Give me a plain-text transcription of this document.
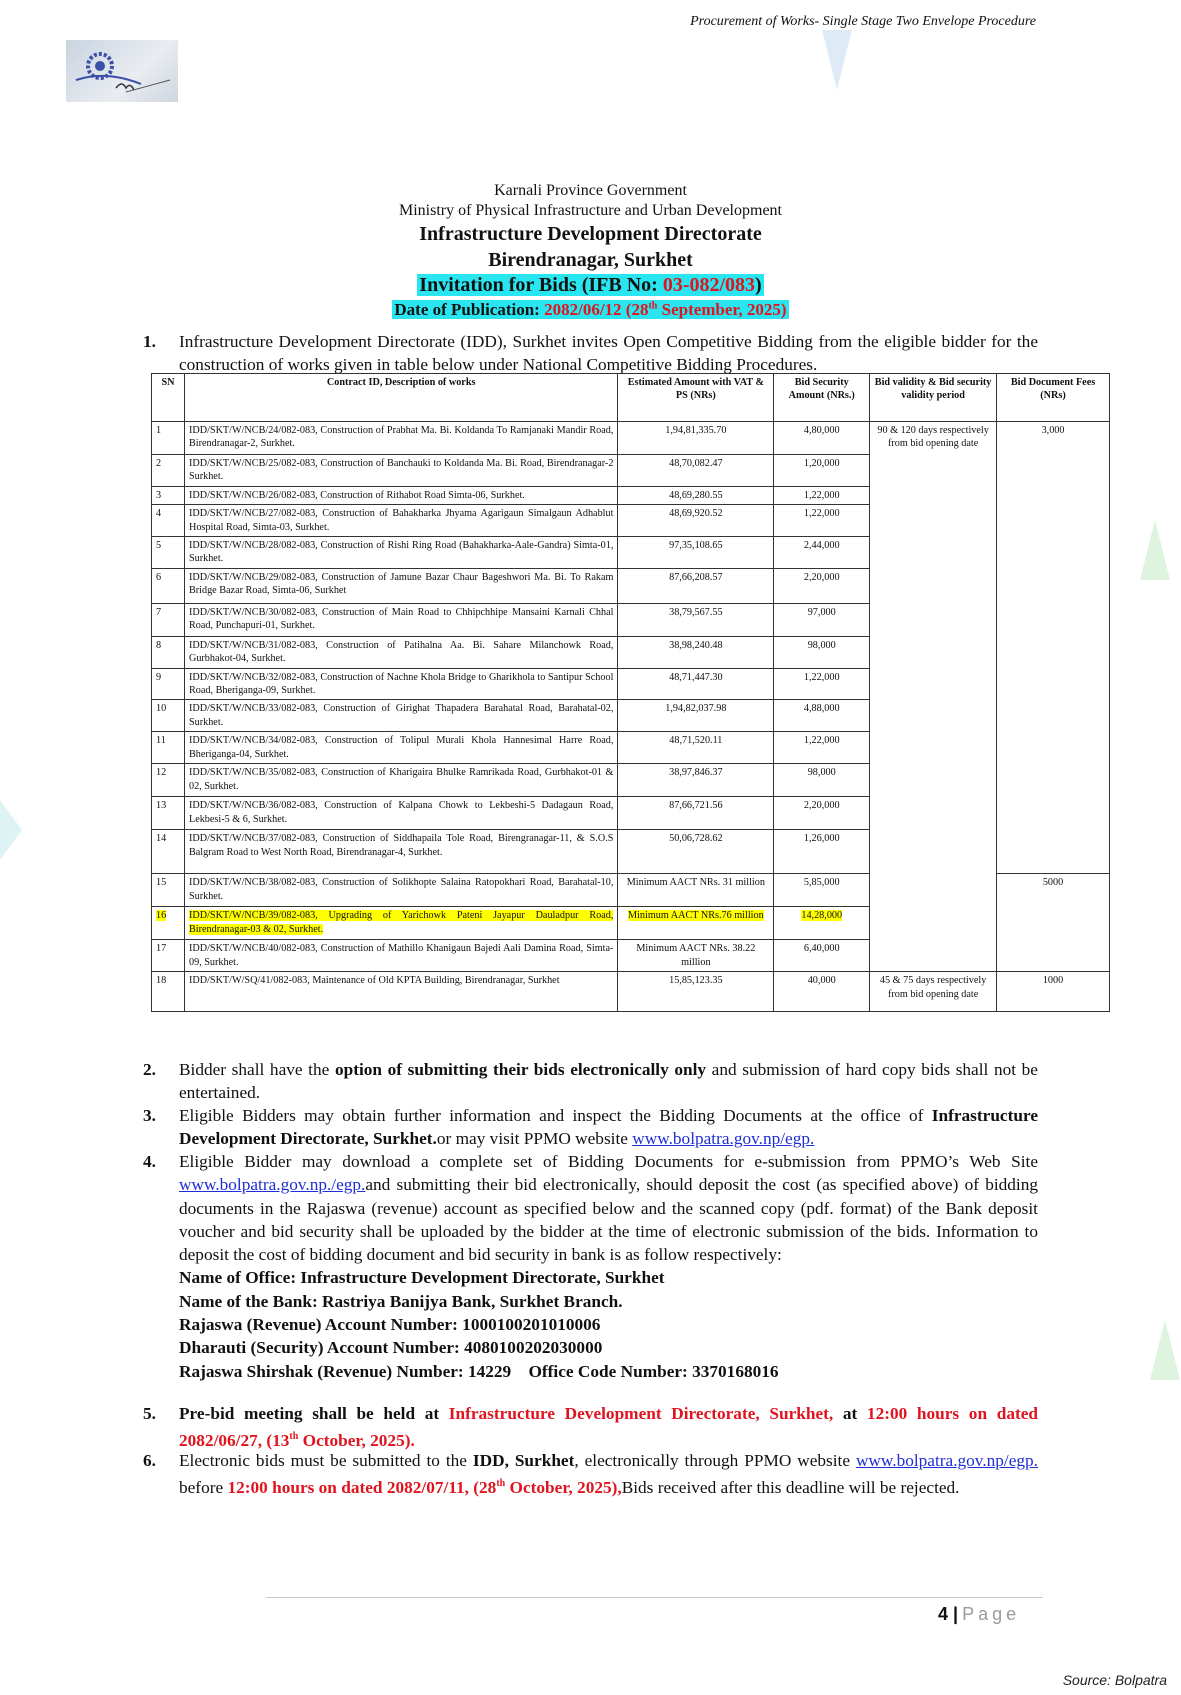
Procurement of Works- Single Stage Two Envelope Procedure
Karnali Province Government
Ministry of Physical Infrastructure and Urban Development
Infrastructure Development Directorate
Birendranagar, Surkhet
Invitation for Bids (IFB No: 03-082/083)
Date of Publication: 2082/06/12 (28th September, 2025)
1. Infrastructure Development Directorate (IDD), Surkhet invites Open Competitive Bidding from the eligible bidder for the construction of works given in table below under National Competitive Bidding Procedures.
SN	Contract ID, Description of works	Estimated Amount with VAT & PS (NRs)	Bid Security Amount (NRs.)	Bid validity & Bid security validity period	Bid Document Fees (NRs)
1	IDD/SKT/W/NCB/24/082-083, Construction of Prabhat Ma. Bi. Koldanda To Ramjanaki Mandir Road, Birendranagar-2, Surkhet.	1,94,81,335.70	4,80,000	90 & 120 days respectively from bid opening date	3,000
2	IDD/SKT/W/NCB/25/082-083, Construction of Banchauki to Koldanda Ma. Bi. Road, Birendranagar-2 Surkhet.	48,70,082.47	1,20,000		
3	IDD/SKT/W/NCB/26/082-083, Construction of Rithabot Road Simta-06, Surkhet.	48,69,280.55	1,22,000		
4	IDD/SKT/W/NCB/27/082-083, Construction of Bahakharka Jhyama Agarigaun Simalgaun Adhablut Hospital Road, Simta-03, Surkhet.	48,69,920.52	1,22,000		
5	IDD/SKT/W/NCB/28/082-083, Construction of Rishi Ring Road (Bahakharka-Aale-Gandra) Simta-01, Surkhet.	97,35,108.65	2,44,000		
6	IDD/SKT/W/NCB/29/082-083, Construction of Jamune Bazar Chaur Bageshwori Ma. Bi. To Rakam Bridge Bazar Road, Simta-06, Surkhet	87,66,208.57	2,20,000		
7	IDD/SKT/W/NCB/30/082-083, Construction of Main Road to Chhipchhipe Mansaini Karnali Chhal Road, Punchapuri-01, Surkhet.	38,79,567.55	97,000		
8	IDD/SKT/W/NCB/31/082-083, Construction of Patihalna Aa. Bi. Sahare Milanchowk Road, Gurbhakot-04, Surkhet.	38,98,240.48	98,000		
9	IDD/SKT/W/NCB/32/082-083, Construction of Nachne Khola Bridge to Gharikhola to Santipur School Road, Bheriganga-09, Surkhet.	48,71,447.30	1,22,000		
10	IDD/SKT/W/NCB/33/082-083, Construction of Girighat Thapadera Barahatal Road, Barahatal-02, Surkhet.	1,94,82,037.98	4,88,000		
11	IDD/SKT/W/NCB/34/082-083, Construction of Tolipul Murali Khola Hannesimal Harre Road, Bheriganga-04, Surkhet.	48,71,520.11	1,22,000		
12	IDD/SKT/W/NCB/35/082-083, Construction of Kharigaira Bhulke Ramrikada Road, Gurbhakot-01 & 02, Surkhet.	38,97,846.37	98,000		
13	IDD/SKT/W/NCB/36/082-083, Construction of Kalpana Chowk to Lekbeshi-5 Dadagaun Road, Lekbesi-5 & 6, Surkhet.	87,66,721.56	2,20,000		
14	IDD/SKT/W/NCB/37/082-083, Construction of Siddhapaila Tole Road, Birengranagar-11, & S.O.S Balgram Road to West North Road, Birendranagar-4, Surkhet.	50,06,728.62	1,26,000		
15	IDD/SKT/W/NCB/38/082-083, Construction of Solikhopte Salaina Ratopokhari Road, Barahatal-10, Surkhet.	Minimum AACT NRs. 31 million	5,85,000		5000
16	IDD/SKT/W/NCB/39/082-083, Upgrading of Yarichowk Pateni Jayapur Dauladpur Road, Birendranagar-03 & 02, Surkhet.	Minimum AACT NRs.76 million	14,28,000		
17	IDD/SKT/W/NCB/40/082-083, Construction of Mathillo Khanigaun Bajedi Aali Damina Road, Simta-09, Surkhet.	Minimum AACT NRs. 38.22 million	6,40,000		
18	IDD/SKT/W/SQ/41/082-083, Maintenance of Old KPTA Building, Birendranagar, Surkhet	15,85,123.35	40,000	45 & 75 days respectively from bid opening date	1000
2. Bidder shall have the option of submitting their bids electronically only and submission of hard copy bids shall not be entertained.
3. Eligible Bidders may obtain further information and inspect the Bidding Documents at the office of Infrastructure Development Directorate, Surkhet.or may visit PPMO website www.bolpatra.gov.np/egp.
4. Eligible Bidder may download a complete set of Bidding Documents for e-submission from PPMO’s Web Site www.bolpatra.gov.np./egp.and submitting their bid electronically, should deposit the cost (as specified above) of bidding documents in the Rajaswa (revenue) account as specified below and the scanned copy (pdf. format) of the Bank deposit voucher and bid security shall be uploaded by the bidder at the time of electronic submission of the bids. Information to deposit the cost of bidding document and bid security in bank is as follow respectively:
Name of Office: Infrastructure Development Directorate, Surkhet
Name of the Bank: Rastriya Banijya Bank, Surkhet Branch.
Rajaswa (Revenue) Account Number: 1000100201010006
Dharauti (Security) Account Number: 4080100202030000
Rajaswa Shirshak (Revenue) Number: 14229 Office Code Number: 3370168016
5. Pre-bid meeting shall be held at Infrastructure Development Directorate, Surkhet, at 12:00 hours on dated 2082/06/27, (13th October, 2025).
6. Electronic bids must be submitted to the IDD, Surkhet, electronically through PPMO website www.bolpatra.gov.np/egp. before 12:00 hours on dated 2082/07/11, (28th October, 2025),Bids received after this deadline will be rejected.
4 | Page
Source: Bolpatra
